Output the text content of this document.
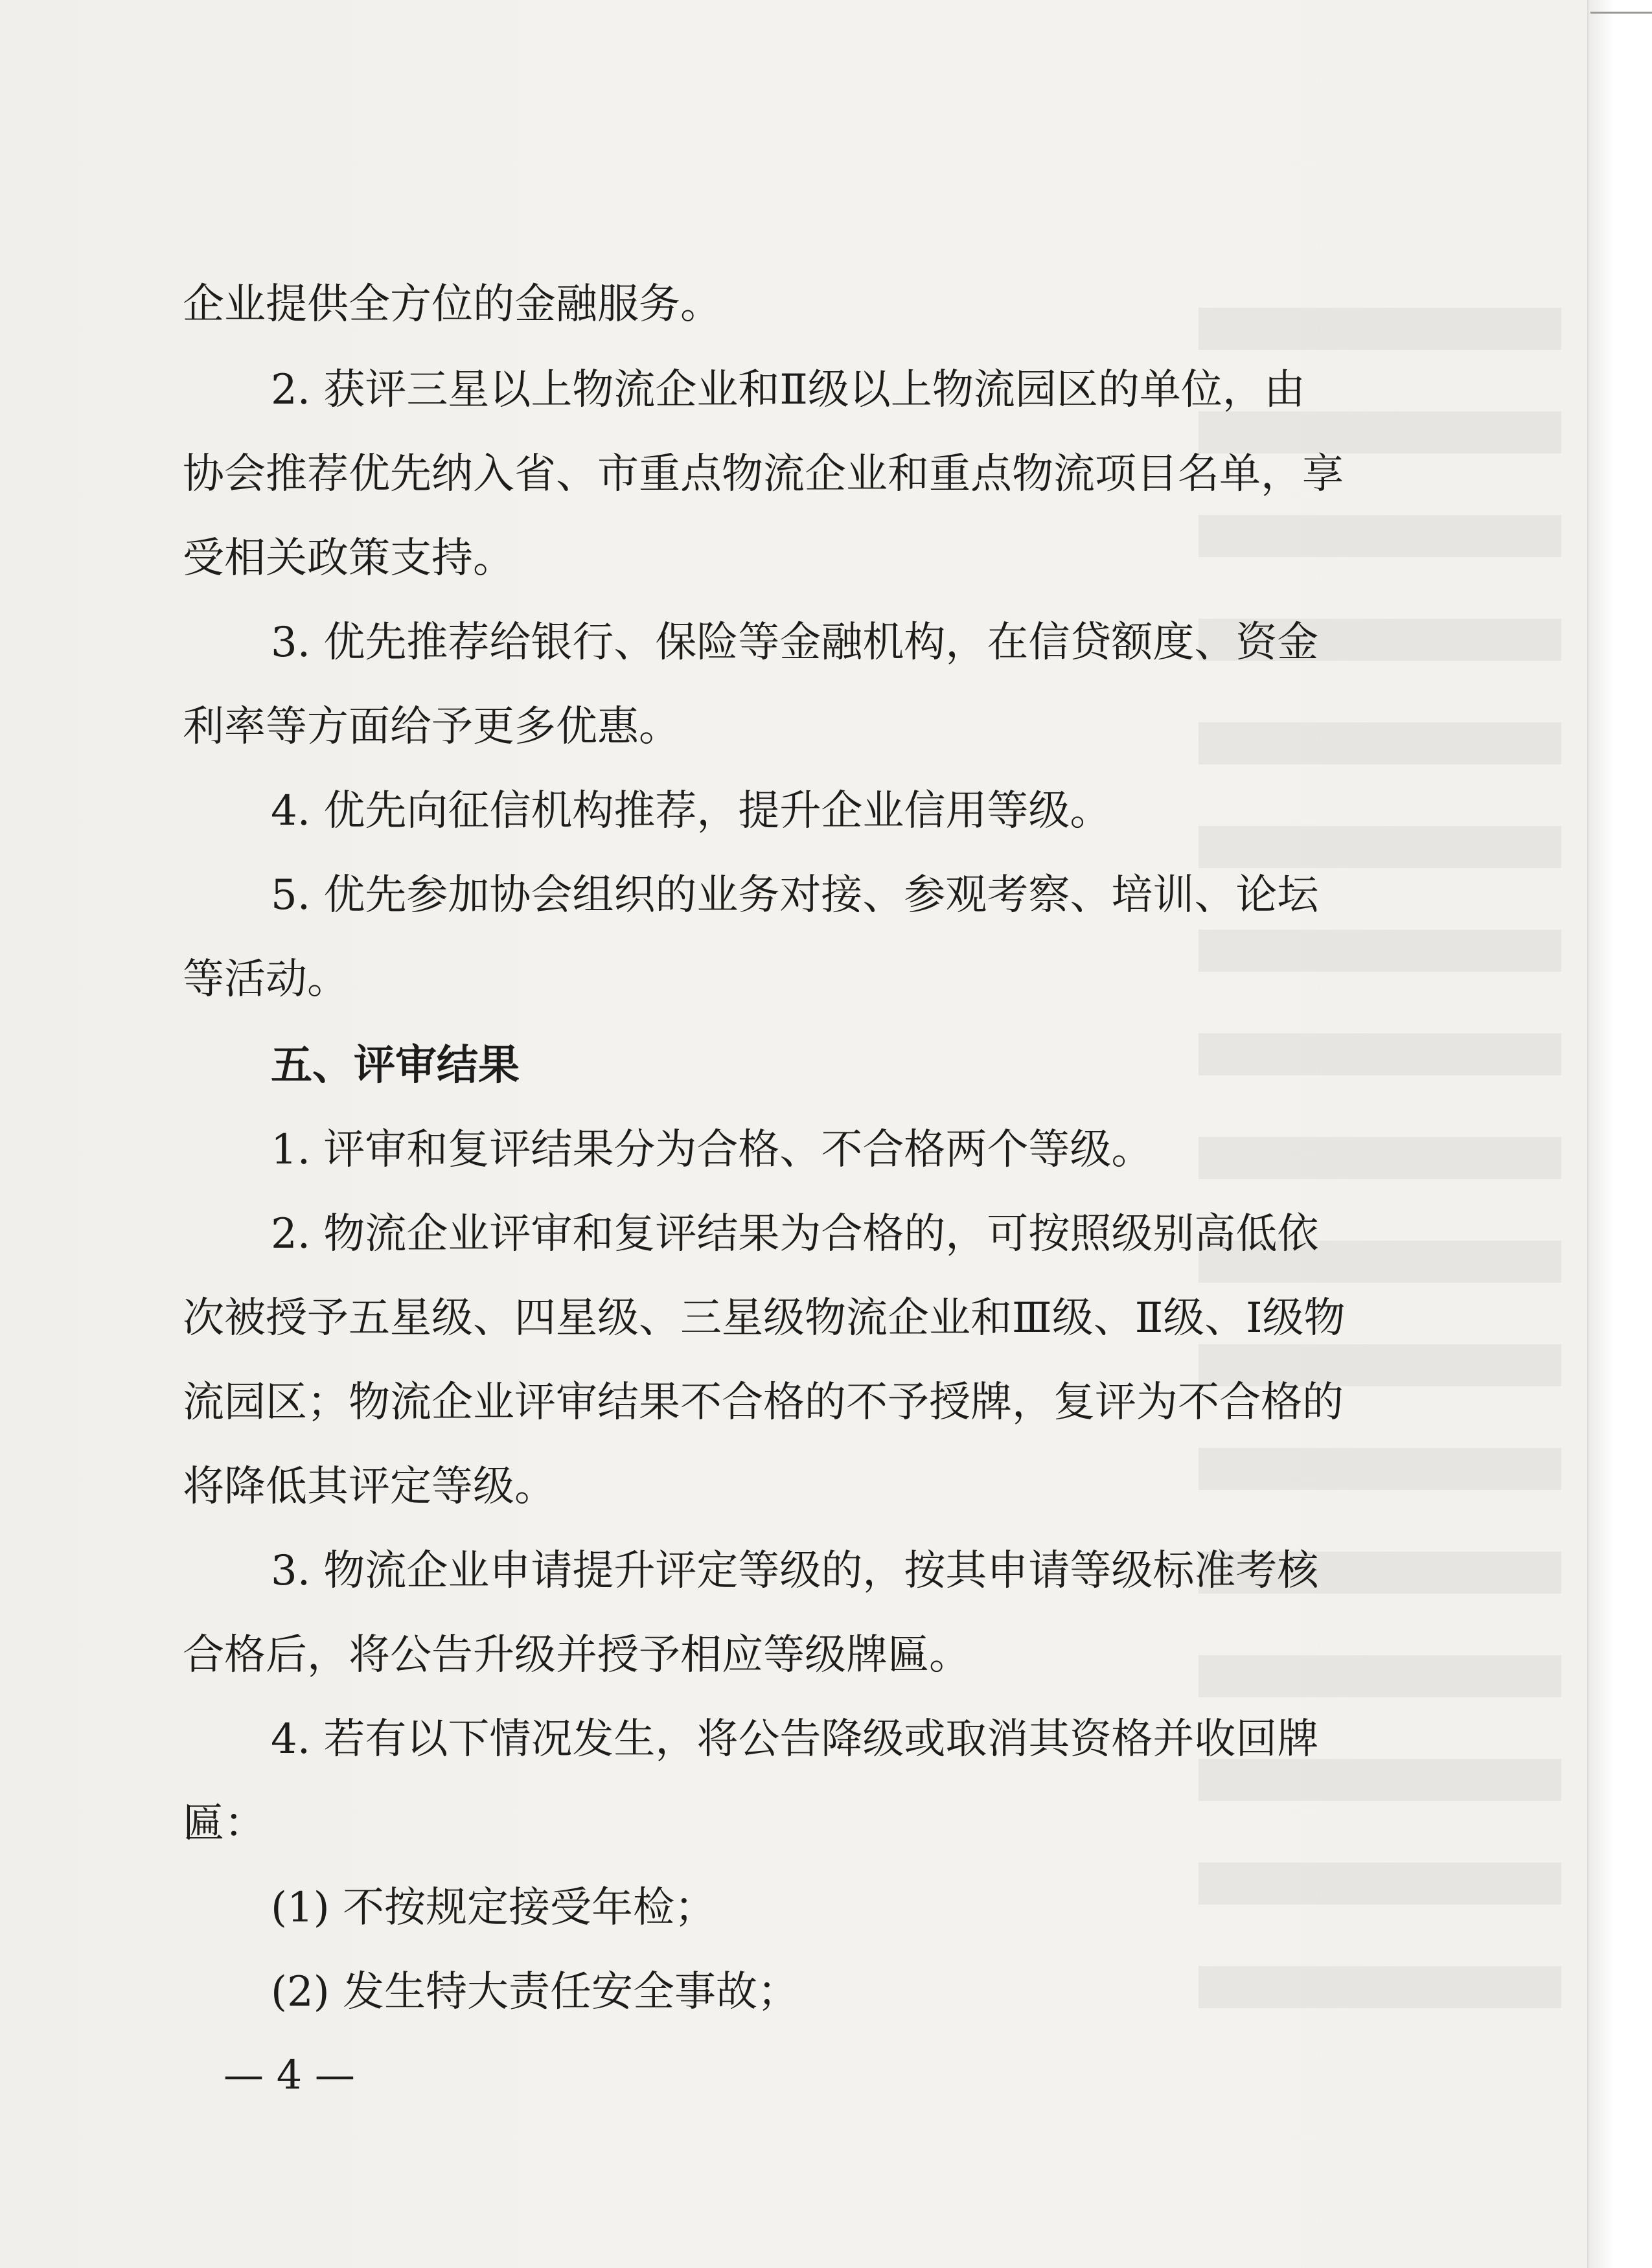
企业提供全方位的金融服务。
2. 获评三星以上物流企业和Ⅱ级以上物流园区的单位，由
协会推荐优先纳入省、市重点物流企业和重点物流项目名单，享
受相关政策支持。
3. 优先推荐给银行、保险等金融机构，在信贷额度、资金
利率等方面给予更多优惠。
4. 优先向征信机构推荐，提升企业信用等级。
5. 优先参加协会组织的业务对接、参观考察、培训、论坛
等活动。
五、评审结果
1. 评审和复评结果分为合格、不合格两个等级。
2. 物流企业评审和复评结果为合格的，可按照级别高低依
次被授予五星级、四星级、三星级物流企业和Ⅲ级、Ⅱ级、Ⅰ级物
流园区；物流企业评审结果不合格的不予授牌，复评为不合格的
将降低其评定等级。
3. 物流企业申请提升评定等级的，按其申请等级标准考核
合格后，将公告升级并授予相应等级牌匾。
4. 若有以下情况发生，将公告降级或取消其资格并收回牌
匾：
(1) 不按规定接受年检；
(2) 发生特大责任安全事故；
— 4 —
